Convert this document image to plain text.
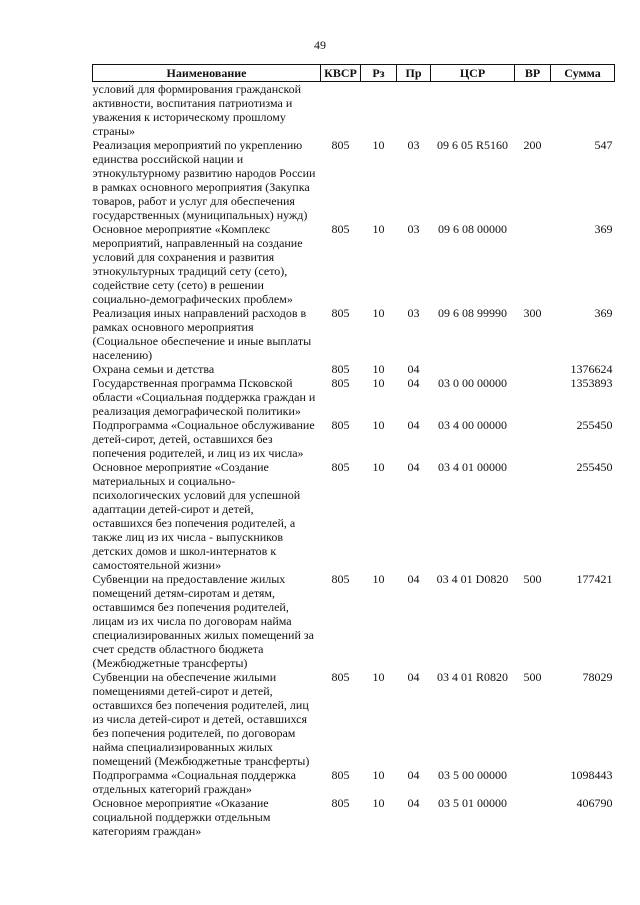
49
Наименование	КВСР	Рз	Пр	ЦСР	ВР	Сумма
условий для формирования гражданской активности, воспитания патриотизма и уважения к историческому прошлому страны»						
Реализация мероприятий по укреплению единства российской нации и этнокультурному развитию народов России в рамках основного мероприятия (Закупка товаров, работ и услуг для обеспечения государственных (муниципальных) нужд)	805	10	03	09 6 05 R5160	200	547
Основное мероприятие «Комплекс мероприятий, направленный на создание условий для сохранения и развития этнокультурных традиций сету (сето), содействие сету (сето) в решении социально-демографических проблем»	805	10	03	09 6 08 00000		369
Реализация иных направлений расходов в рамках основного мероприятия (Социальное обеспечение и иные выплаты населению)	805	10	03	09 6 08 99990	300	369
Охрана семьи и детства	805	10	04			1376624
Государственная программа Псковской области «Социальная поддержка граждан и реализация демографической политики»	805	10	04	03 0 00 00000		1353893
Подпрограмма «Социальное обслуживание детей-сирот, детей, оставшихся без попечения родителей, и лиц из их числа»	805	10	04	03 4 00 00000		255450
Основное мероприятие «Создание материальных и социально-психологических условий для успешной адаптации детей-сирот и детей, оставшихся без попечения родителей, а также лиц из их числа - выпускников детских домов и школ-интернатов к самостоятельной жизни»	805	10	04	03 4 01 00000		255450
Субвенции на предоставление жилых помещений детям-сиротам и детям, оставшимся без попечения родителей, лицам из их числа по договорам найма специализированных жилых помещений за счет средств областного бюджета (Межбюджетные трансферты)	805	10	04	03 4 01 D0820	500	177421
Субвенции на обеспечение жилыми помещениями детей-сирот и детей, оставшихся без попечения родителей, лиц из числа детей-сирот и детей, оставшихся без попечения родителей, по договорам найма специализированных жилых помещений (Межбюджетные трансферты)	805	10	04	03 4 01 R0820	500	78029
Подпрограмма «Социальная поддержка отдельных категорий граждан»	805	10	04	03 5 00 00000		1098443
Основное мероприятие «Оказание социальной поддержки отдельным категориям граждан»	805	10	04	03 5 01 00000		406790
